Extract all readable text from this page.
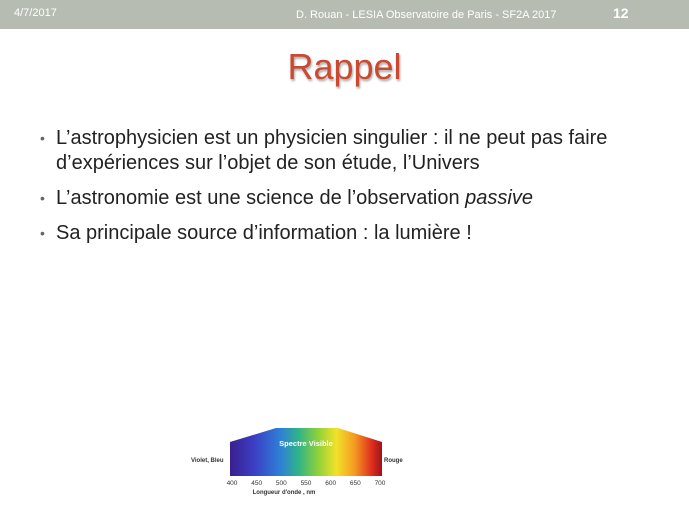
4/7/2017	D. Rouan - LESIA Observatoire de Paris - SF2A 2017	12
Rappel
• L’astrophysicien est un physicien singulier : il ne peut pas faire d’expériences sur l’objet de son étude, l’Univers
• L’astronomie est une science de l’observation passive
• Sa principale source d’information : la lumière !
Spectre Visible
Violet, Bleu	Rouge
400 450 500 550 600 650 700
Longueur d'onde , nm
